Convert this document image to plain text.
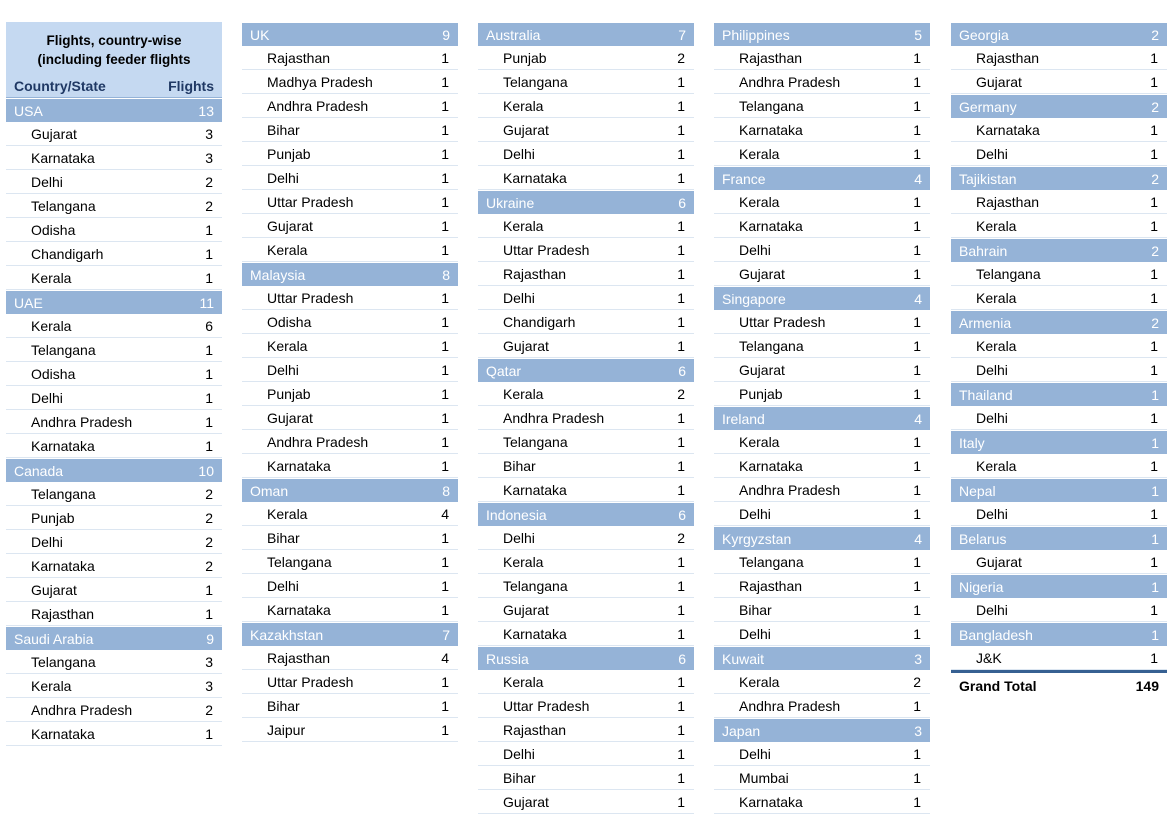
Flights, country-wise
(including feeder flights
Country/State	Flights
USA	13
Gujarat	3
Karnataka	3
Delhi	2
Telangana	2
Odisha	1
Chandigarh	1
Kerala	1
UAE	11
Kerala	6
Telangana	1
Odisha	1
Delhi	1
Andhra Pradesh	1
Karnataka	1
Canada	10
Telangana	2
Punjab	2
Delhi	2
Karnataka	2
Gujarat	1
Rajasthan	1
Saudi Arabia	9
Telangana	3
Kerala	3
Andhra Pradesh	2
Karnataka	1
UK	9
Rajasthan	1
Madhya Pradesh	1
Andhra Pradesh	1
Bihar	1
Punjab	1
Delhi	1
Uttar Pradesh	1
Gujarat	1
Kerala	1
Malaysia	8
Uttar Pradesh	1
Odisha	1
Kerala	1
Delhi	1
Punjab	1
Gujarat	1
Andhra Pradesh	1
Karnataka	1
Oman	8
Kerala	4
Bihar	1
Telangana	1
Delhi	1
Karnataka	1
Kazakhstan	7
Rajasthan	4
Uttar Pradesh	1
Bihar	1
Jaipur	1
Australia	7
Punjab	2
Telangana	1
Kerala	1
Gujarat	1
Delhi	1
Karnataka	1
Ukraine	6
Kerala	1
Uttar Pradesh	1
Rajasthan	1
Delhi	1
Chandigarh	1
Gujarat	1
Qatar	6
Kerala	2
Andhra Pradesh	1
Telangana	1
Bihar	1
Karnataka	1
Indonesia	6
Delhi	2
Kerala	1
Telangana	1
Gujarat	1
Karnataka	1
Russia	6
Kerala	1
Uttar Pradesh	1
Rajasthan	1
Delhi	1
Bihar	1
Gujarat	1
Philippines	5
Rajasthan	1
Andhra Pradesh	1
Telangana	1
Karnataka	1
Kerala	1
France	4
Kerala	1
Karnataka	1
Delhi	1
Gujarat	1
Singapore	4
Uttar Pradesh	1
Telangana	1
Gujarat	1
Punjab	1
Ireland	4
Kerala	1
Karnataka	1
Andhra Pradesh	1
Delhi	1
Kyrgyzstan	4
Telangana	1
Rajasthan	1
Bihar	1
Delhi	1
Kuwait	3
Kerala	2
Andhra Pradesh	1
Japan	3
Delhi	1
Mumbai	1
Karnataka	1
Georgia	2
Rajasthan	1
Gujarat	1
Germany	2
Karnataka	1
Delhi	1
Tajikistan	2
Rajasthan	1
Kerala	1
Bahrain	2
Telangana	1
Kerala	1
Armenia	2
Kerala	1
Delhi	1
Thailand	1
Delhi	1
Italy	1
Kerala	1
Nepal	1
Delhi	1
Belarus	1
Gujarat	1
Nigeria	1
Delhi	1
Bangladesh	1
J&K	1
Grand Total	149
